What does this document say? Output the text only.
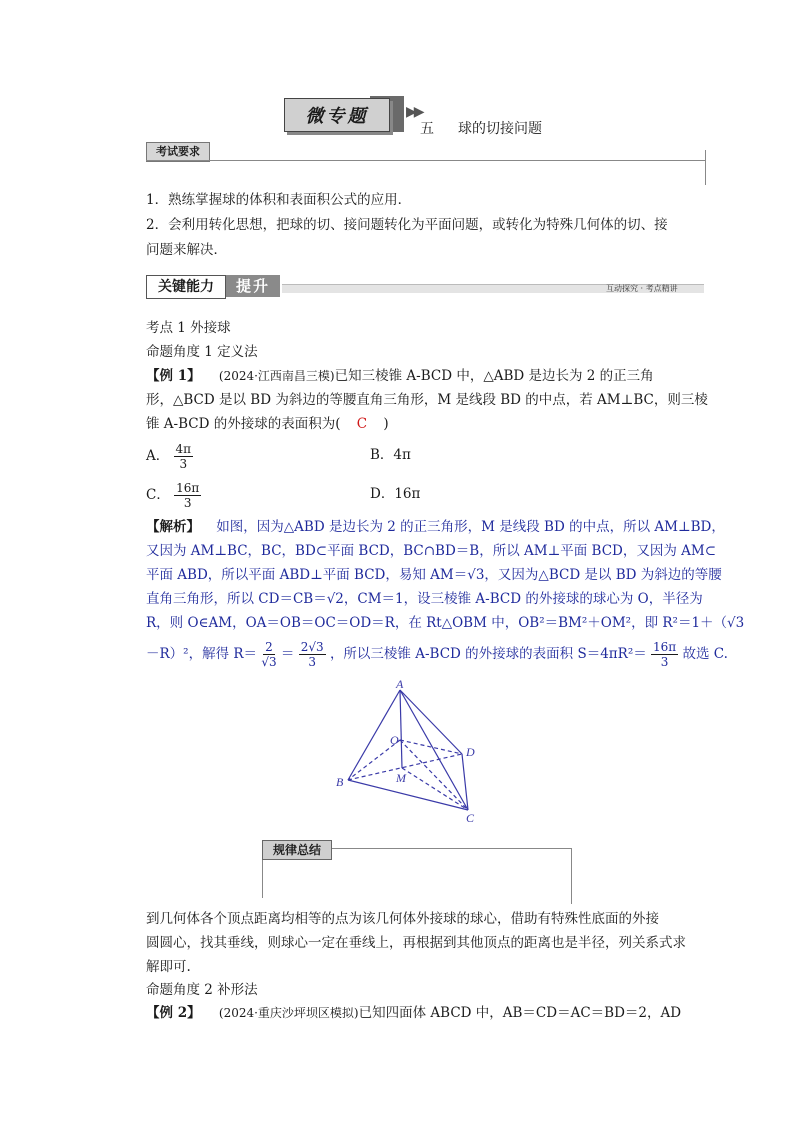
微专题	▶▶
五 球的切接问题
考试要求
1．熟练掌握球的体积和表面积公式的应用．
2．会利用转化思想，把球的切、接问题转化为平面问题，或转化为特殊几何体的切、接
问题来解决．
关键能力	提升	互动探究 · 考点精讲
考点 1 外接球
命题角度 1 定义法
【例 1】 (2024·江西南昌三模)已知三棱锥 A-BCD 中，△ABD 是边长为 2 的正三角
形，△BCD 是以 BD 为斜边的等腰直角三角形，M 是线段 BD 的中点，若 AM⊥BC，则三棱
锥 A-BCD 的外接球的表面积为( C )
A． $\frac{4\pi}{3}$	B．4π
C． $\frac{16\pi}{3}$	D．16π
【解析】 如图，因为△ABD 是边长为 2 的正三角形，M 是线段 BD 的中点，所以 AM⊥BD，
又因为 AM⊥BC，BC，BD⊂平面 BCD，BC∩BD＝B，所以 AM⊥平面 BCD，又因为 AM⊂
平面 ABD，所以平面 ABD⊥平面 BCD，易知 AM＝√3，又因为△BCD 是以 BD 为斜边的等腰
直角三角形，所以 CD＝CB＝√2，CM＝1，设三棱锥 A-BCD 的外接球的球心为 O，半径为
R，则 O∈AM，OA＝OB＝OC＝OD＝R，在 Rt△OBM 中，OB²＝BM²＋OM²，即 R²＝1＋（√3
－R）²，解得 $R= \frac{2}{√3} = \frac{2√3}{3}$ ，所以三棱锥 A-BCD 的外接球的表面积 $S=4\pi R^2= \frac{16\pi}{3}$ 故选 C.
A
B
C
D
O
M
规律总结
到几何体各个顶点距离均相等的点为该几何体外接球的球心，借助有特殊性底面的外接
圆圆心，找其垂线，则球心一定在垂线上，再根据到其他顶点的距离也是半径，列关系式求
解即可.
命题角度 2 补形法
【例 2】 (2024·重庆沙坪坝区模拟)已知四面体 ABCD 中，AB＝CD＝AC＝BD＝2，AD
